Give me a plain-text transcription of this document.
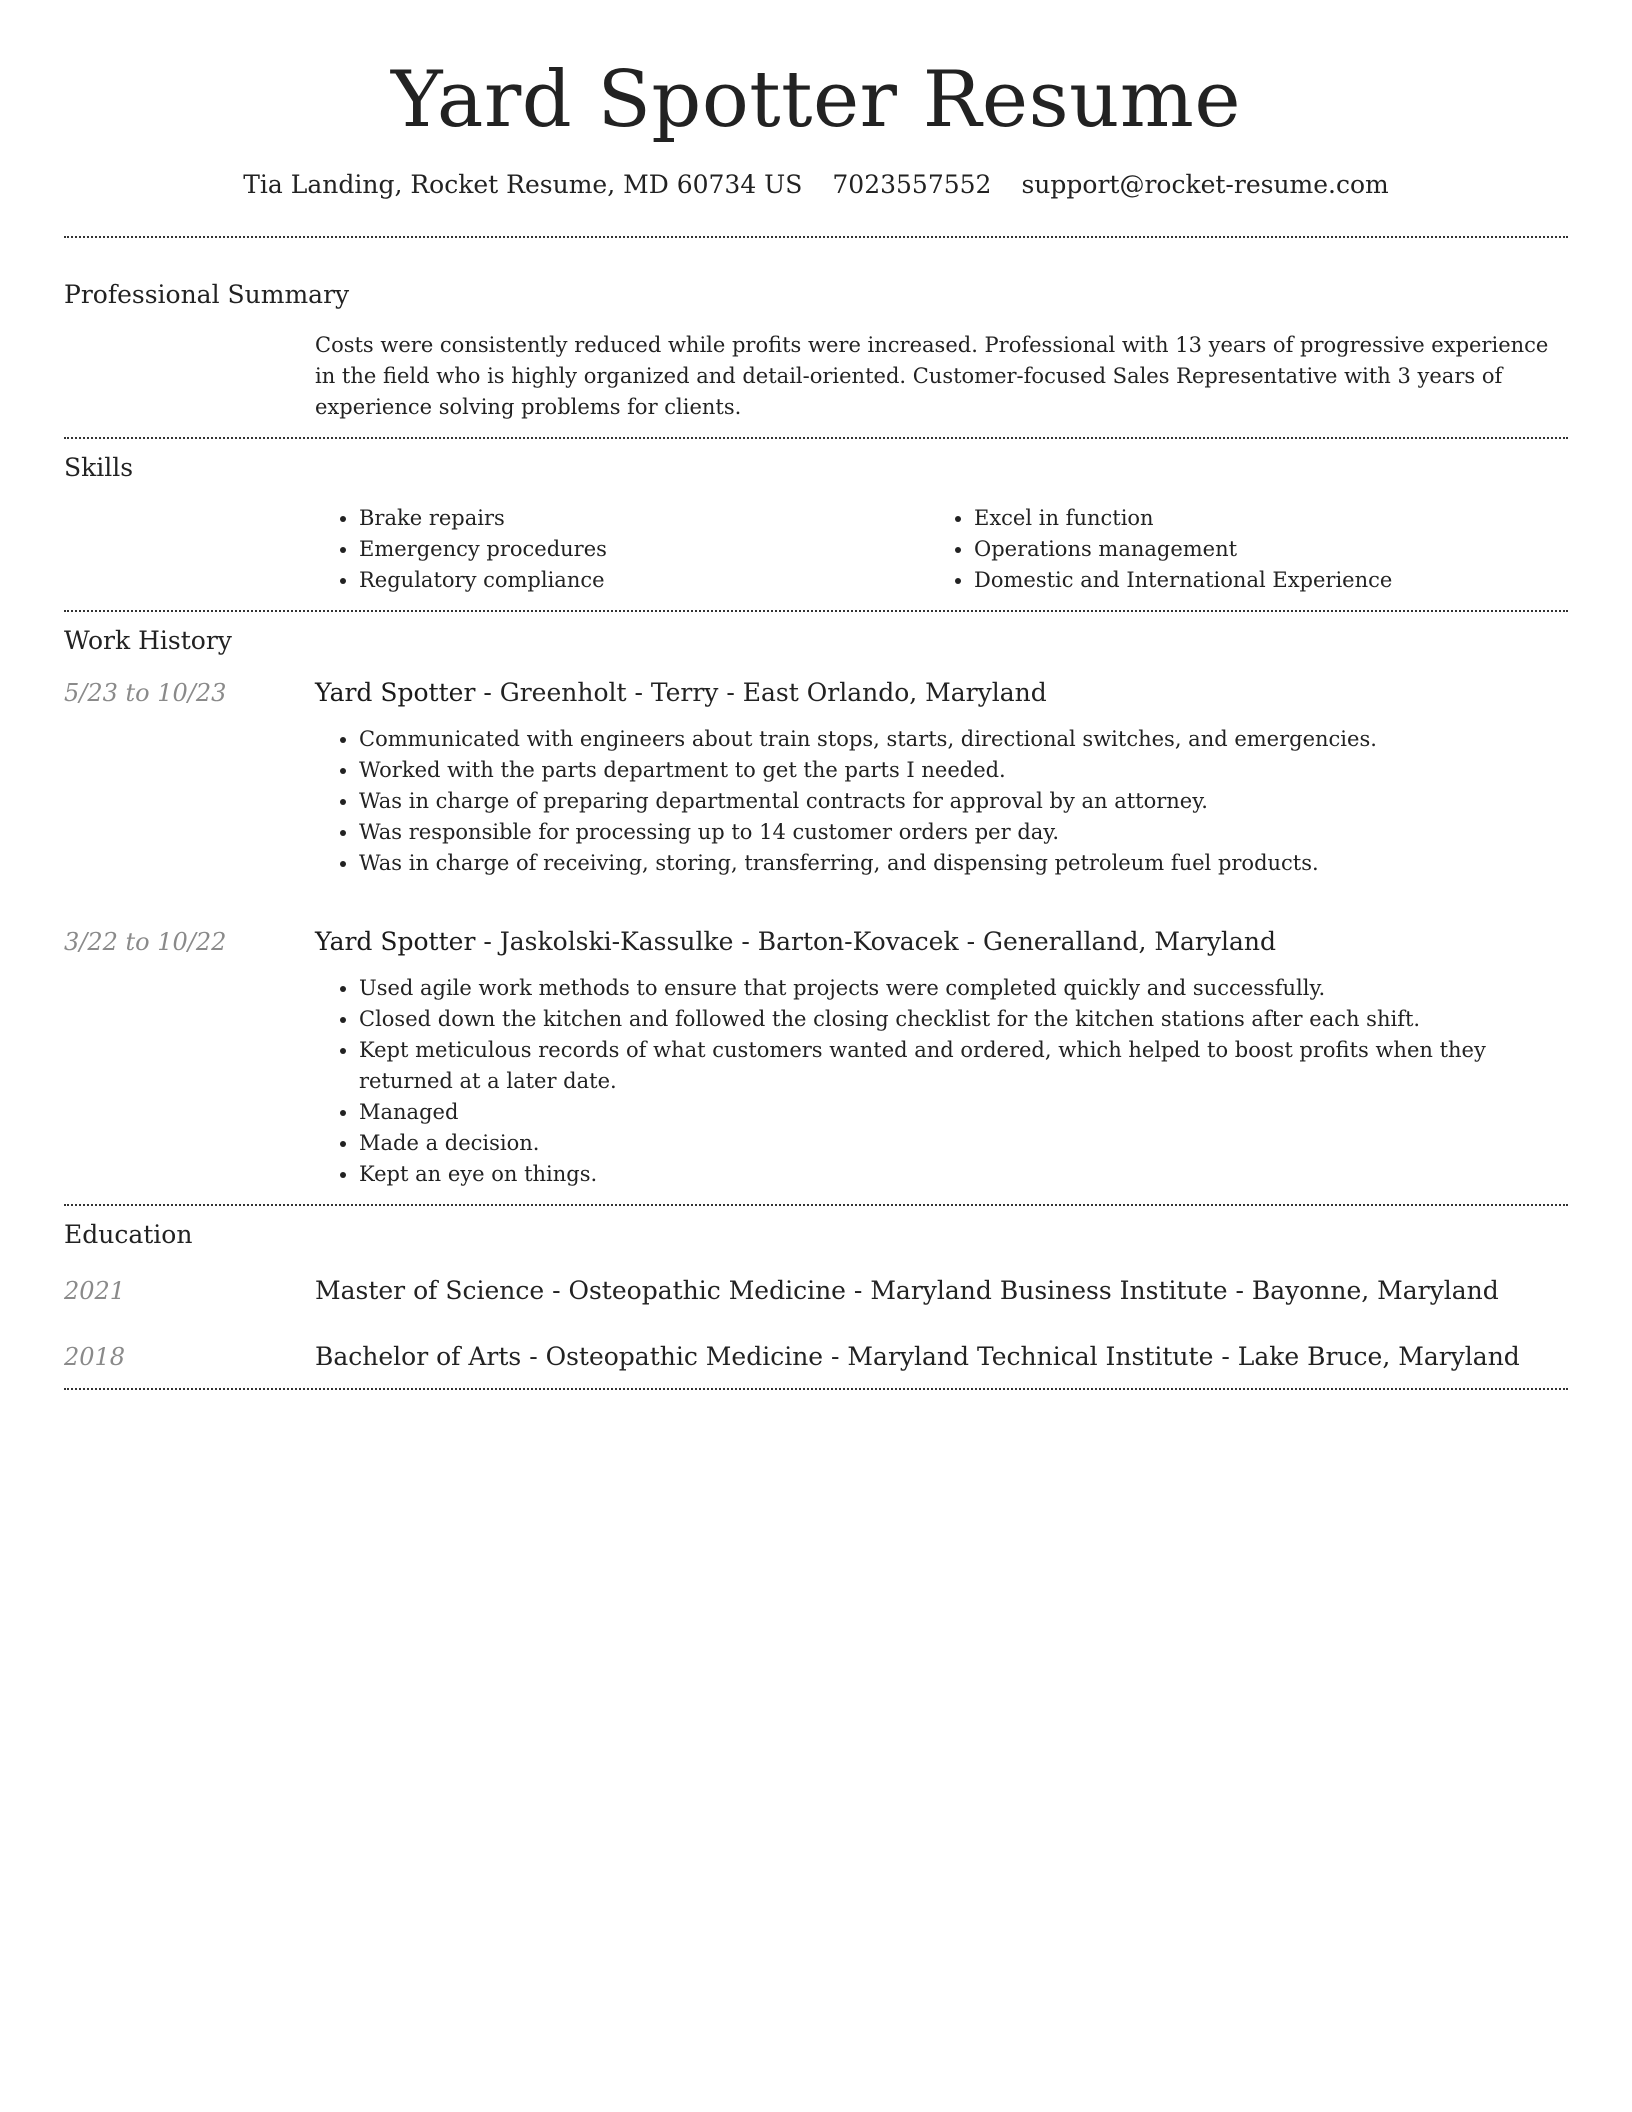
Yard Spotter Resume
Tia Landing, Rocket Resume, MD 60734 US 7023557552 support@rocket-resume.com
Professional Summary

Costs were consistently reduced while profits were increased. Professional with 13 years of progressive experience in the field who is highly organized and detail-oriented. Customer-focused Sales Representative with 3 years of experience solving problems for clients.

Skills
• Brake repairs
• Emergency procedures
• Regulatory compliance
• Excel in function
• Operations management
• Domestic and International Experience
Work History
5/23 to 10/23	Yard Spotter - Greenholt - Terry - East Orlando, Maryland
• Communicated with engineers about train stops, starts, directional switches, and emergencies.
• Worked with the parts department to get the parts I needed.
• Was in charge of preparing departmental contracts for approval by an attorney.
• Was responsible for processing up to 14 customer orders per day.
• Was in charge of receiving, storing, transferring, and dispensing petroleum fuel products.
3/22 to 10/22	Yard Spotter - Jaskolski-Kassulke - Barton-Kovacek - Generalland, Maryland
• Used agile work methods to ensure that projects were completed quickly and successfully.
• Closed down the kitchen and followed the closing checklist for the kitchen stations after each shift.
• Kept meticulous records of what customers wanted and ordered, which helped to boost profits when they returned at a later date.
• Managed
• Made a decision.
• Kept an eye on things.
Education
2021	Master of Science - Osteopathic Medicine - Maryland Business Institute - Bayonne, Maryland
2018	Bachelor of Arts - Osteopathic Medicine - Maryland Technical Institute - Lake Bruce, Maryland
